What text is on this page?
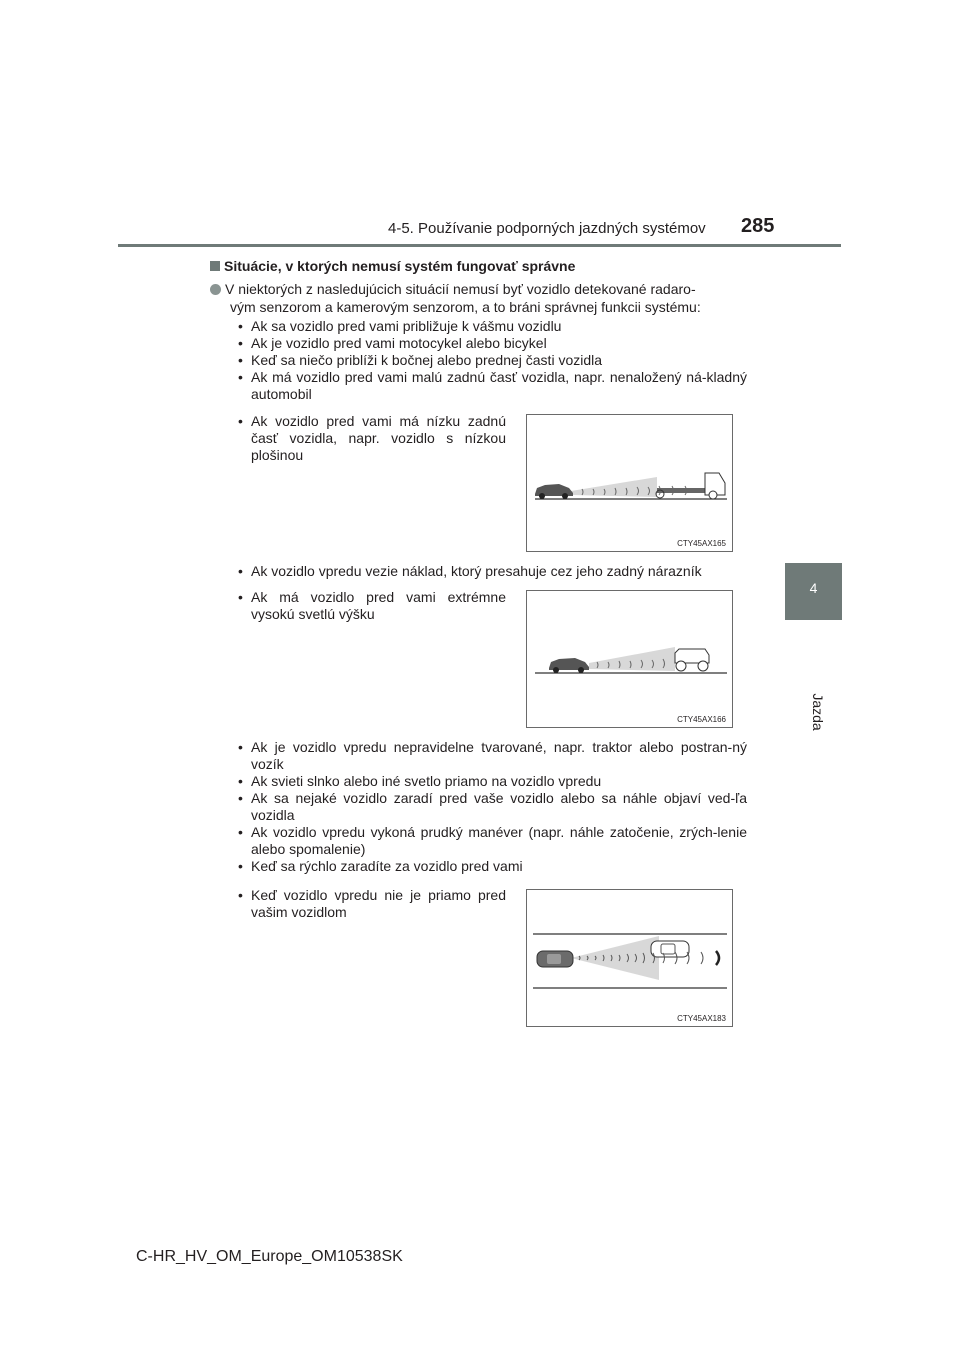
4-5. Používanie podporných jazdných systémov 285
4
Jazda
Situácie, v ktorých nemusí systém fungovať správne
V niektorých z nasledujúcich situácií nemusí byť vozidlo detekované radaro-
vým senzorom a kamerovým senzorom, a to bráni správnej funkcii systému:
• Ak sa vozidlo pred vami približuje k vášmu vozidlu
• Ak je vozidlo pred vami motocykel alebo bicykel
• Keď sa niečo priblíži k bočnej alebo prednej časti vozidla
• Ak má vozidlo pred vami malú zadnú časť vozidla, napr. nenaložený ná-kladný automobil
• Ak vozidlo pred vami má nízku zadnú časť vozidla, napr. vozidlo s nízkou plošinou
CTY45AX165
• Ak vozidlo vpredu vezie náklad, ktorý presahuje cez jeho zadný nárazník
• Ak má vozidlo pred vami extrémne vysokú svetlú výšku
CTY45AX166
• Ak je vozidlo vpredu nepravidelne tvarované, napr. traktor alebo postran-ný vozík
• Ak svieti slnko alebo iné svetlo priamo na vozidlo vpredu
• Ak sa nejaké vozidlo zaradí pred vaše vozidlo alebo sa náhle objaví ved-ľa vozidla
• Ak vozidlo vpredu vykoná prudký manéver (napr. náhle zatočenie, zrých-lenie alebo spomalenie)
• Keď sa rýchlo zaradíte za vozidlo pred vami
• Keď vozidlo vpredu nie je priamo pred vašim vozidlom
CTY45AX183
C-HR_HV_OM_Europe_OM10538SK
